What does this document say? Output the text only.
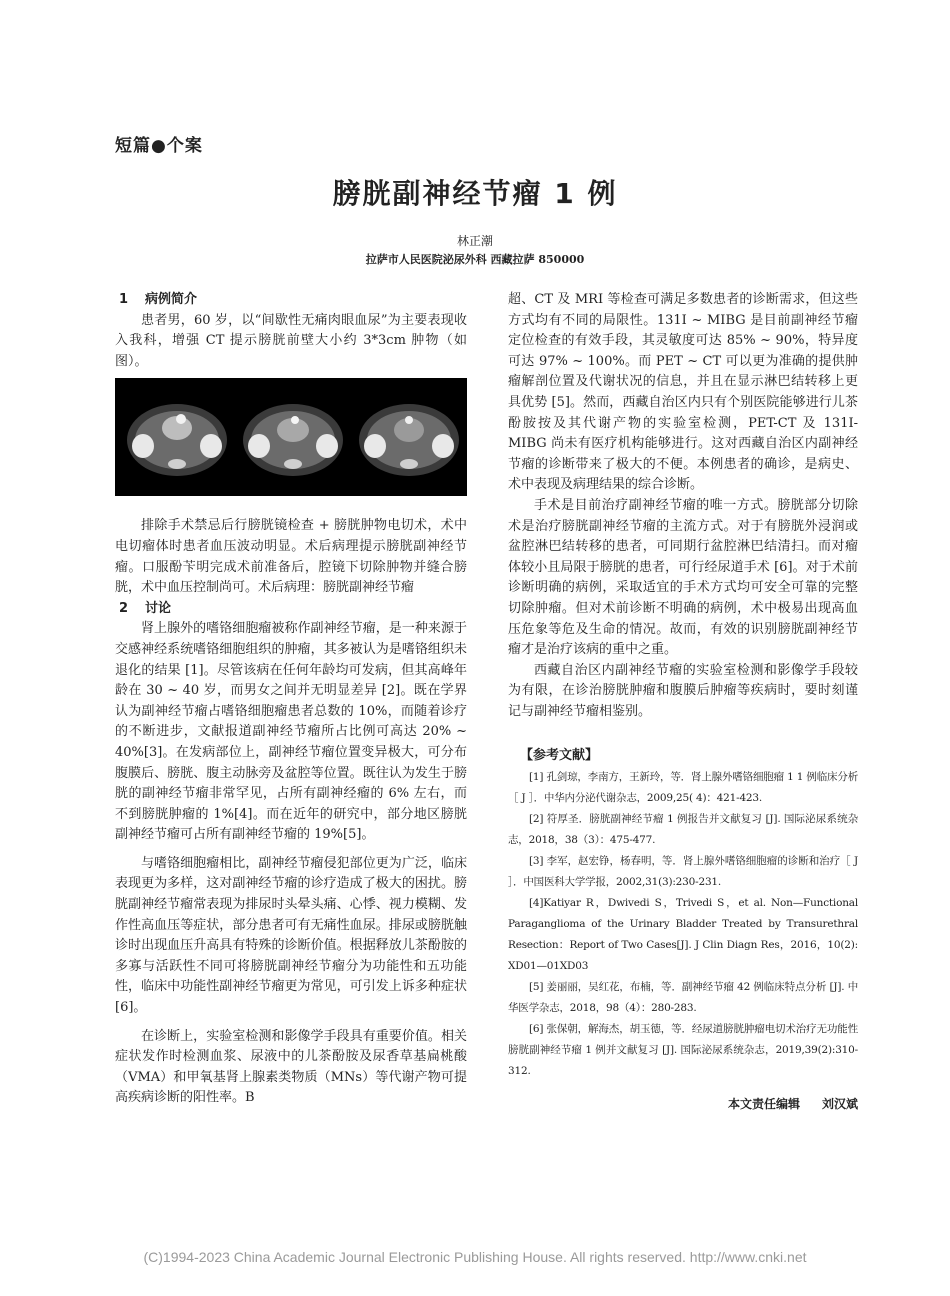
短篇●个案
膀胱副神经节瘤 1 例
林正潮
拉萨市人民医院泌尿外科 西藏拉萨 850000
1 病例简介

患者男，60 岁，以“间歇性无痛肉眼血尿”为主要表现收入我科，增强 CT 提示膀胱前壁大小约 3*3cm 肿物（如图）。

排除手术禁忌后行膀胱镜检查 + 膀胱肿物电切术，术中电切瘤体时患者血压波动明显。术后病理提示膀胱副神经节瘤。口服酚苄明完成术前准备后，腔镜下切除肿物并缝合膀胱，术中血压控制尚可。术后病理：膀胱副神经节瘤

2 讨论

肾上腺外的嗜铬细胞瘤被称作副神经节瘤，是一种来源于交感神经系统嗜铬细胞组织的肿瘤，其多被认为是嗜铬组织未退化的结果 [1]。尽管该病在任何年龄均可发病，但其高峰年龄在 30 ~ 40 岁，而男女之间并无明显差异 [2]。既在学界认为副神经节瘤占嗜铬细胞瘤患者总数的 10%，而随着诊疗的不断进步，文献报道副神经节瘤所占比例可高达 20% ~ 40%[3]。在发病部位上，副神经节瘤位置变异极大，可分布腹膜后、膀胱、腹主动脉旁及盆腔等位置。既往认为发生于膀胱的副神经节瘤非常罕见，占所有副神经瘤的 6% 左右，而不到膀胱肿瘤的 1%[4]。而在近年的研究中，部分地区膀胱副神经节瘤可占所有副神经节瘤的 19%[5]。

与嗜铬细胞瘤相比，副神经节瘤侵犯部位更为广泛，临床表现更为多样，这对副神经节瘤的诊疗造成了极大的困扰。膀胱副神经节瘤常表现为排尿时头晕头痛、心悸、视力模糊、发作性高血压等症状，部分患者可有无痛性血尿。排尿或膀胱触诊时出现血压升高具有特殊的诊断价值。根据释放儿茶酚胺的多寡与活跃性不同可将膀胱副神经节瘤分为功能性和五功能性，临床中功能性副神经节瘤更为常见，可引发上诉多种症状 [6]。

在诊断上，实验室检测和影像学手段具有重要价值。相关症状发作时检测血浆、尿液中的儿茶酚胺及尿香草基扁桃酸（VMA）和甲氧基肾上腺素类物质（MNs）等代谢产物可提高疾病诊断的阳性率。B

超、CT 及 MRI 等检查可满足多数患者的诊断需求，但这些方式均有不同的局限性。131I ~ MIBG 是目前副神经节瘤定位检查的有效手段，其灵敏度可达 85% ~ 90%，特异度可达 97% ~ 100%。而 PET ~ CT 可以更为准确的提供肿瘤解剖位置及代谢状况的信息，并且在显示淋巴结转移上更具优势 [5]。然而，西藏自治区内只有个别医院能够进行儿茶酚胺按及其代谢产物的实验室检测，PET-CT 及 131I-MIBG 尚未有医疗机构能够进行。这对西藏自治区内副神经节瘤的诊断带来了极大的不便。本例患者的确诊，是病史、术中表现及病理结果的综合诊断。

手术是目前治疗副神经节瘤的唯一方式。膀胱部分切除术是治疗膀胱副神经节瘤的主流方式。对于有膀胱外浸润或盆腔淋巴结转移的患者，可同期行盆腔淋巴结清扫。而对瘤体较小且局限于膀胱的患者，可行经尿道手术 [6]。对于术前诊断明确的病例，采取适宜的手术方式均可安全可靠的完整切除肿瘤。但对术前诊断不明确的病例，术中极易出现高血压危象等危及生命的情况。故而，有效的识别膀胱副神经节瘤才是治疗该病的重中之重。

西藏自治区内副神经节瘤的实验室检测和影像学手段较为有限，在诊治膀胱肿瘤和腹膜后肿瘤等疾病时，要时刻谨记与副神经节瘤相鉴别。

【参考文献】

[1] 孔剑琼，李南方，王新玲，等．肾上腺外嗜铬细胞瘤 1 1 例临床分析［ J ］．中华内分泌代谢杂志，2009,25( 4)：421-423.

[2] 符厚圣．膀胱副神经节瘤 1 例报告并文献复习 [J]. 国际泌尿系统杂志，2018，38（3）：475-477.

[3] 李军，赵宏铮，杨春明，等．肾上腺外嗜铬细胞瘤的诊断和治疗［ J ］．中国医科大学学报，2002,31(3):230-231.

[4]Katiyar R，Dwivedi S，Trivedi S，et al. Non—Functional Paraganglioma of the Urinary Bladder Treated by Transurethral Resection：Report of Two Cases[J]. J Clin Diagn Res，2016，10(2): XD01—01XD03

[5] 姜丽丽，吴红花，布楠，等．副神经节瘤 42 例临床特点分析 [J]. 中华医学杂志，2018，98（4）：280-283.

[6] 张保朝，解海杰，胡玉德，等．经尿道膀胱肿瘤电切术治疗无功能性膀胱副神经节瘤 1 例并文献复习 [J]. 国际泌尿系统杂志，2019,39(2):310-312.

本文责任编辑 刘汉斌
(C)1994-2023 China Academic Journal Electronic Publishing House. All rights reserved. http://www.cnki.net
